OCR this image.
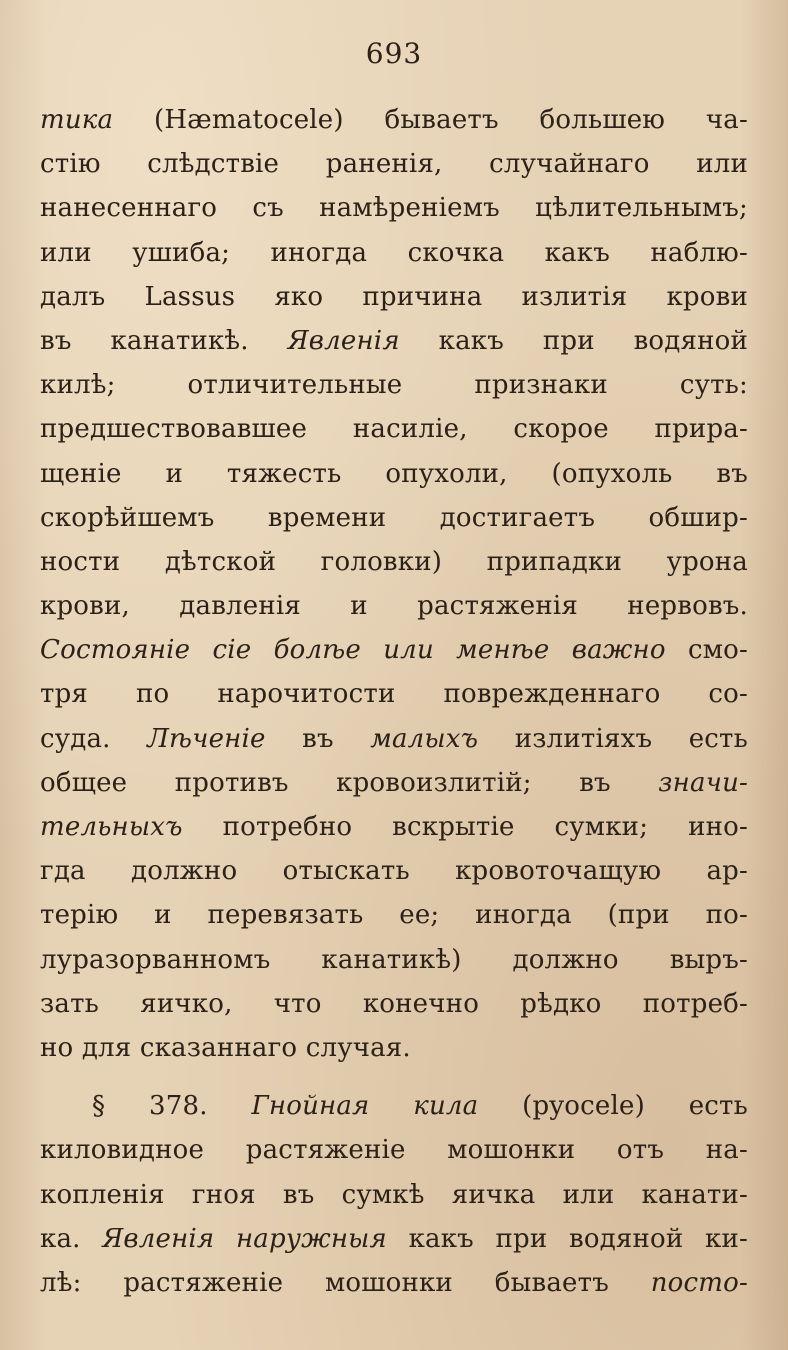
693
тика (Hæmatocele) бываетъ большею ча-
стію слѣдствіе раненія, случайнаго или
нанесеннаго съ намѣреніемъ цѣлительнымъ;
или ушиба; иногда скочка какъ наблю-
далъ Lassus яко причина излитія крови
въ канатикѣ. Явленія какъ при водяной
килѣ; отличительные признаки суть:
предшествовавшее насиліе, скорое прира-
щеніе и тяжесть опухоли, (опухоль въ
скорѣйшемъ времени достигаетъ обшир-
ности дѣтской головки) припадки урона
крови, давленія и растяженія нервовъ.
Состояніе сіе болѣе или менѣе важно смо-
тря по нарочитости поврежденнаго со-
суда. Лѣченіе въ малыхъ излитіяхъ есть
общее противъ кровоизлитій; въ значи-
тельныхъ потребно вскрытіе сумки; ино-
гда должно отыскать кровоточащую ар-
терію и перевязать ее; иногда (при по-
луразорванномъ канатикѣ) должно выръ-
зать яичко, что конечно рѣдко потреб-
но для сказаннаго случая.
§ 378. Гнойная кила (pyocele) есть
киловидное растяженіе мошонки отъ на-
копленія гноя въ сумкѣ яичка или канати-
ка. Явленія наружныя какъ при водяной ки-
лѣ: растяженіе мошонки бываетъ посто-
